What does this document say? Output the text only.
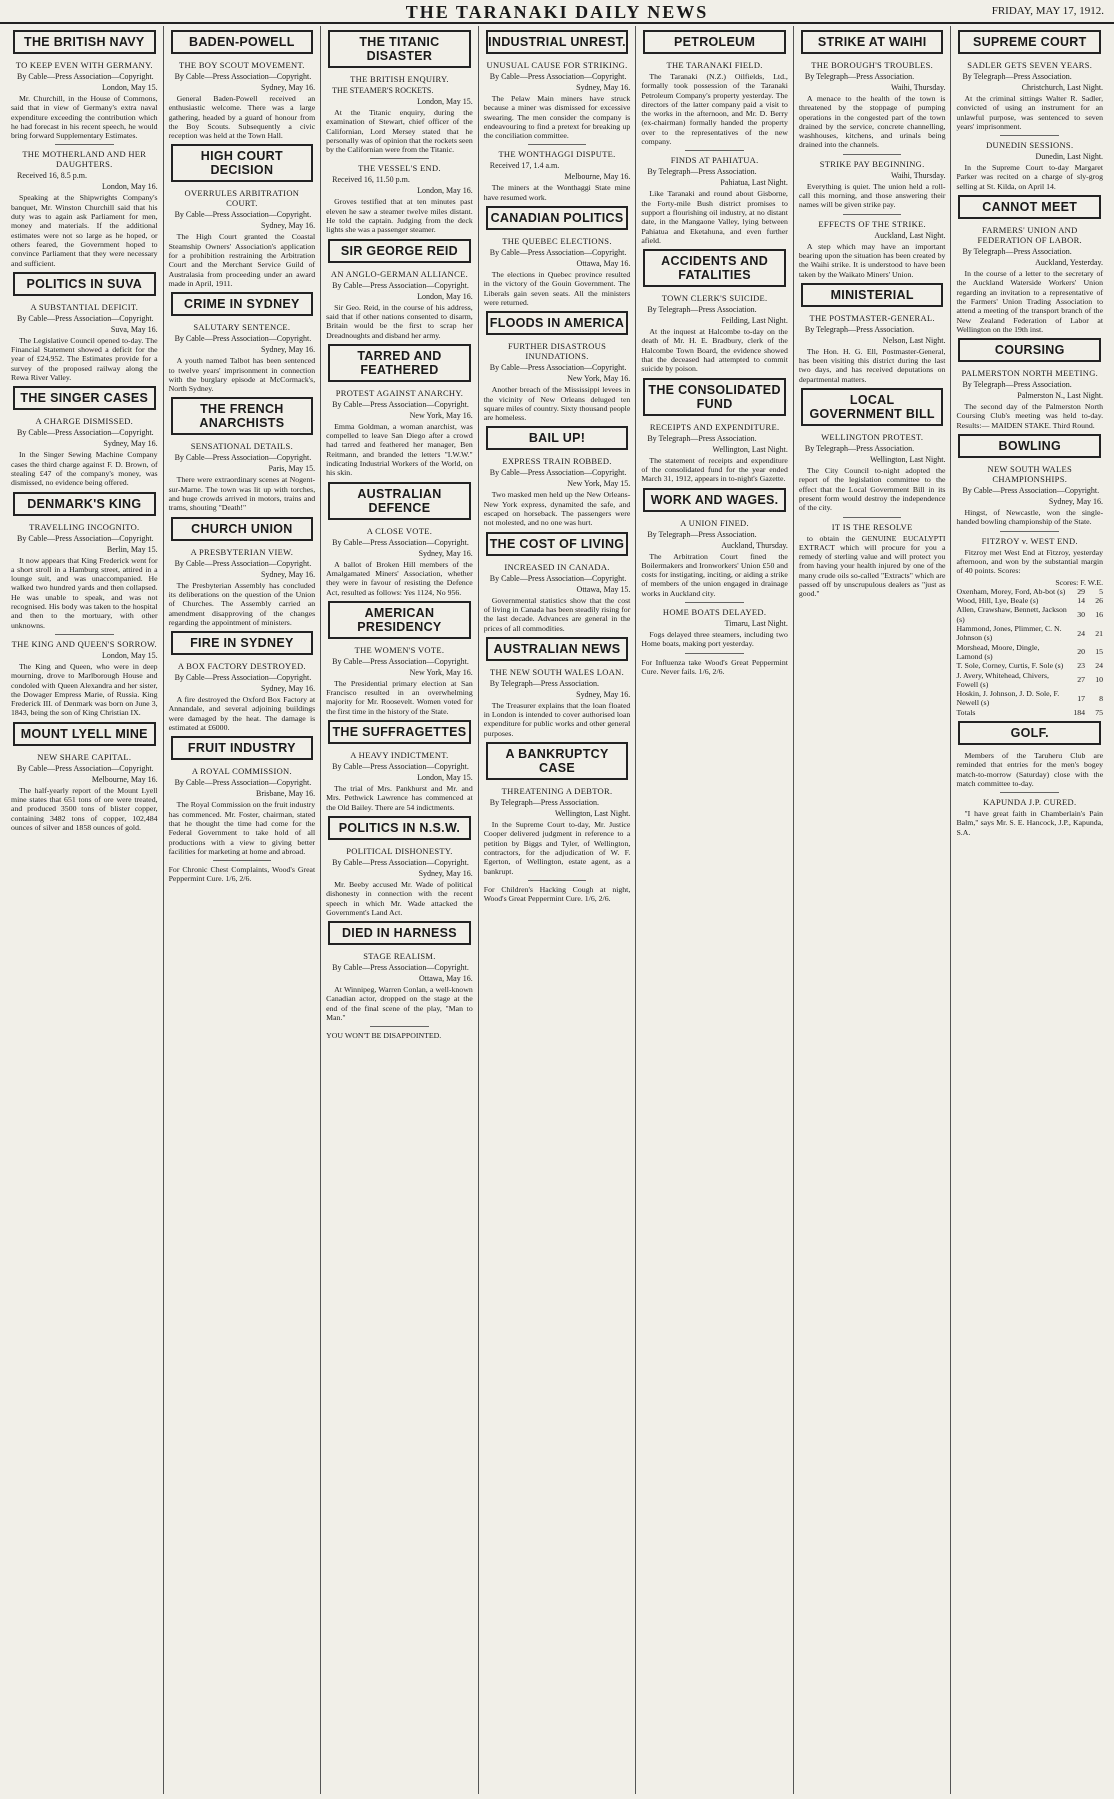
THE TARANAKI DAILY NEWS	FRIDAY, MAY 17, 1912.
THE BRITISH NAVY
TO KEEP EVEN WITH GERMANY.
By Cable—Press Association—Copyright.
London, May 15.
Mr. Churchill, in the House of Commons, said that in view of Germany's extra naval expenditure exceeding the contribution which he had forecast in his recent speech, he would bring forward Supplementary Estimates.
THE MOTHERLAND AND HER DAUGHTERS.
Received 16, 8.5 p.m.
London, May 16.
Speaking at the Shipwrights Company's banquet, Mr. Winston Churchill said that his duty was to again ask Parliament for men, money and materials. If the additional estimates were not so large as he hoped, or others feared, the Government hoped to convince Parliament that they were necessary and sufficient.
POLITICS IN SUVA
A SUBSTANTIAL DEFICIT.
By Cable—Press Association—Copyright.
Suva, May 16.
The Legislative Council opened to-day. The Financial Statement showed a deficit for the year of £24,952. The Estimates provide for a survey of the proposed railway along the Rewa River Valley.
THE SINGER CASES
A CHARGE DISMISSED.
By Cable—Press Association—Copyright.
Sydney, May 16.
In the Singer Sewing Machine Company cases the third charge against F. D. Brown, of stealing £47 of the company's money, was dismissed, no evidence being offered.
DENMARK'S KING
TRAVELLING INCOGNITO.
By Cable—Press Association—Copyright.
Berlin, May 15.
It now appears that King Frederick went for a short stroll in a Hamburg street, attired in a lounge suit, and was unaccompanied. He walked two hundred yards and then collapsed. He was unable to speak, and was not recognised. His body was taken to the hospital and then to the mortuary, with other unknowns.
THE KING AND QUEEN'S SORROW.
London, May 15.
The King and Queen, who were in deep mourning, drove to Marlborough House and condoled with Queen Alexandra and her sister, the Dowager Empress Marie, of Russia. King Frederick III. of Denmark was born on June 3, 1843, being the son of King Christian IX.
MOUNT LYELL MINE
NEW SHARE CAPITAL.
By Cable—Press Association—Copyright.
Melbourne, May 16.
The half-yearly report of the Mount Lyell mine states that 651 tons of ore were treated, and produced 3500 tons of blister copper, containing 3482 tons of copper, 102,484 ounces of silver and 1858 ounces of gold.
BADEN-POWELL
THE BOY SCOUT MOVEMENT.
By Cable—Press Association—Copyright.
Sydney, May 16.
General Baden-Powell received an enthusiastic welcome. There was a large gathering, headed by a guard of honour from the Boy Scouts. Subsequently a civic reception was held at the Town Hall.
HIGH COURT DECISION
OVERRULES ARBITRATION COURT.
By Cable—Press Association—Copyright.
Sydney, May 16.
The High Court granted the Coastal Steamship Owners' Association's application for a prohibition restraining the Arbitration Court and the Merchant Service Guild of Australasia from proceeding under an award made in April, 1911.
CRIME IN SYDNEY
SALUTARY SENTENCE.
By Cable—Press Association—Copyright.
Sydney, May 16.
A youth named Talbot has been sentenced to twelve years' imprisonment in connection with the burglary episode at McCormack's, North Sydney.
THE FRENCH ANARCHISTS
SENSATIONAL DETAILS.
By Cable—Press Association—Copyright.
Paris, May 15.
There were extraordinary scenes at Nogent-sur-Marne. The town was lit up with torches, and huge crowds arrived in motors, trains and trams, shouting "Death!"
CHURCH UNION
A PRESBYTERIAN VIEW.
By Cable—Press Association—Copyright.
Sydney, May 16.
The Presbyterian Assembly has concluded its deliberations on the question of the Union of Churches. The Assembly carried an amendment disapproving of the changes regarding the appointment of ministers.
FIRE IN SYDNEY
A BOX FACTORY DESTROYED.
By Cable—Press Association—Copyright.
Sydney, May 16.
A fire destroyed the Oxford Box Factory at Annandale, and several adjoining buildings were damaged by the heat. The damage is estimated at £6000.
FRUIT INDUSTRY
A ROYAL COMMISSION.
By Cable—Press Association—Copyright.
Brisbane, May 16.
The Royal Commission on the fruit industry has commenced. Mr. Foster, chairman, stated that he thought the time had come for the Federal Government to take hold of all productions with a view to giving better facilities for marketing at home and abroad.
For Chronic Chest Complaints, Wood's Great Peppermint Cure. 1/6, 2/6.
THE TITANIC DISASTER
THE BRITISH ENQUIRY.
THE STEAMER'S ROCKETS.
London, May 15.
At the Titanic enquiry, during the examination of Stewart, chief officer of the Californian, Lord Mersey stated that he personally was of opinion that the rockets seen by the Californian were from the Titanic.
THE VESSEL'S END.
Received 16, 11.50 p.m.
London, May 16.
Groves testified that at ten minutes past eleven he saw a steamer twelve miles distant. He told the captain. Judging from the deck lights she was a passenger steamer.
SIR GEORGE REID
AN ANGLO-GERMAN ALLIANCE.
By Cable—Press Association—Copyright.
London, May 16.
Sir Geo. Reid, in the course of his address, said that if other nations consented to disarm, Britain would be the first to scrap her Dreadnoughts and disband her army.
TARRED AND FEATHERED
PROTEST AGAINST ANARCHY.
By Cable—Press Association—Copyright.
New York, May 16.
Emma Goldman, a woman anarchist, was compelled to leave San Diego after a crowd had tarred and feathered her manager, Ben Reitmann, and branded the letters "I.W.W." indicating Industrial Workers of the World, on his skin.
AUSTRALIAN DEFENCE
A CLOSE VOTE.
By Cable—Press Association—Copyright.
Sydney, May 16.
A ballot of Broken Hill members of the Amalgamated Miners' Association, whether they were in favour of resisting the Defence Act, resulted as follows: Yes 1124, No 956.
AMERICAN PRESIDENCY
THE WOMEN'S VOTE.
By Cable—Press Association—Copyright.
New York, May 16.
The Presidential primary election at San Francisco resulted in an overwhelming majority for Mr. Roosevelt. Women voted for the first time in the history of the State.
THE SUFFRAGETTES
A HEAVY INDICTMENT.
By Cable—Press Association—Copyright.
London, May 15.
The trial of Mrs. Pankhurst and Mr. and Mrs. Pethwick Lawrence has commenced at the Old Bailey. There are 54 indictments.
POLITICS IN N.S.W.
POLITICAL DISHONESTY.
By Cable—Press Association—Copyright.
Sydney, May 16.
Mr. Beeby accused Mr. Wade of political dishonesty in connection with the recent speech in which Mr. Wade attacked the Government's Land Act.
DIED IN HARNESS
STAGE REALISM.
By Cable—Press Association—Copyright.
Ottawa, May 16.
At Winnipeg, Warren Conlan, a well-known Canadian actor, dropped on the stage at the end of the final scene of the play, "Man to Man."
YOU WON'T BE DISAPPOINTED.
INDUSTRIAL UNREST.
UNUSUAL CAUSE FOR STRIKING.
By Cable—Press Association—Copyright.
Sydney, May 16.
The Pelaw Main miners have struck because a miner was dismissed for excessive swearing. The men consider the company is endeavouring to find a pretext for breaking up the conciliation committee.
THE WONTHAGGI DISPUTE.
Received 17, 1.4 a.m.
Melbourne, May 16.
The miners at the Wonthaggi State mine have resumed work.
CANADIAN POLITICS
THE QUEBEC ELECTIONS.
By Cable—Press Association—Copyright.
Ottawa, May 16.
The elections in Quebec province resulted in the victory of the Gouin Government. The Liberals gain seven seats. All the ministers were returned.
FLOODS IN AMERICA
FURTHER DISASTROUS INUNDATIONS.
By Cable—Press Association—Copyright.
New York, May 16.
Another breach of the Mississippi levees in the vicinity of New Orleans deluged ten square miles of country. Sixty thousand people are homeless.
BAIL UP!
EXPRESS TRAIN ROBBED.
By Cable—Press Association—Copyright.
New York, May 15.
Two masked men held up the New Orleans-New York express, dynamited the safe, and escaped on horseback. The passengers were not molested, and no one was hurt.
THE COST OF LIVING
INCREASED IN CANADA.
By Cable—Press Association—Copyright.
Ottawa, May 15.
Governmental statistics show that the cost of living in Canada has been steadily rising for the last decade. Advances are general in the prices of all commodities.
AUSTRALIAN NEWS
THE NEW SOUTH WALES LOAN.
By Telegraph—Press Association.
Sydney, May 16.
The Treasurer explains that the loan floated in London is intended to cover authorised loan expenditure for public works and other general purposes.
A BANKRUPTCY CASE
THREATENING A DEBTOR.
By Telegraph—Press Association.
Wellington, Last Night.
In the Supreme Court to-day, Mr. Justice Cooper delivered judgment in reference to a petition by Biggs and Tyler, of Wellington, contractors, for the adjudication of W. F. Egerton, of Wellington, estate agent, as a bankrupt.
For Children's Hacking Cough at night, Wood's Great Peppermint Cure. 1/6, 2/6.
PETROLEUM
THE TARANAKI FIELD.
The Taranaki (N.Z.) Oilfields, Ltd., formally took possession of the Taranaki Petroleum Company's property yesterday. The directors of the latter company paid a visit to the works in the afternoon, and Mr. D. Berry (ex-chairman) formally handed the property over to the representatives of the new company.
FINDS AT PAHIATUA.
By Telegraph—Press Association.
Pahiatua, Last Night.
Like Taranaki and round about Gisborne, the Forty-mile Bush district promises to support a flourishing oil industry, at no distant date, in the Mangaone Valley, lying between Pahiatua and Eketahuna, and even further afield.
ACCIDENTS AND FATALITIES
TOWN CLERK'S SUICIDE.
By Telegraph—Press Association.
Feilding, Last Night.
At the inquest at Halcombe to-day on the death of Mr. H. E. Bradbury, clerk of the Halcombe Town Board, the evidence showed that the deceased had attempted to commit suicide by poison.
THE CONSOLIDATED FUND
RECEIPTS AND EXPENDITURE.
By Telegraph—Press Association.
Wellington, Last Night.
The statement of receipts and expenditure of the consolidated fund for the year ended March 31, 1912, appears in to-night's Gazette.
WORK AND WAGES.
A UNION FINED.
By Telegraph—Press Association.
Auckland, Thursday.
The Arbitration Court fined the Boilermakers and Ironworkers' Union £50 and costs for instigating, inciting, or aiding a strike of members of the union engaged in drainage works in Auckland city.
HOME BOATS DELAYED.
Timaru, Last Night.
Fogs delayed three steamers, including two Home boats, making port yesterday.
For Influenza take Wood's Great Peppermint Cure. Never fails. 1/6, 2/6.
STRIKE AT WAIHI
THE BOROUGH'S TROUBLES.
By Telegraph—Press Association.
Waihi, Thursday.
A menace to the health of the town is threatened by the stoppage of pumping operations in the congested part of the town drained by the service, concrete channelling, washhouses, kitchens, and urinals being drained into the channels.
STRIKE PAY BEGINNING.
Waihi, Thursday.
Everything is quiet. The union held a roll-call this morning, and those answering their names will be given strike pay.
EFFECTS OF THE STRIKE.
Auckland, Last Night.
A step which may have an important bearing upon the situation has been created by the Waihi strike. It is understood to have been taken by the Waikato Miners' Union.
MINISTERIAL
THE POSTMASTER-GENERAL.
By Telegraph—Press Association.
Nelson, Last Night.
The Hon. H. G. Ell, Postmaster-General, has been visiting this district during the last two days, and has received deputations on departmental matters.
LOCAL GOVERNMENT BILL
WELLINGTON PROTEST.
By Telegraph—Press Association.
Wellington, Last Night.
The City Council to-night adopted the report of the legislation committee to the effect that the Local Government Bill in its present form would destroy the independence of the city.
IT IS THE RESOLVE
to obtain the GENUINE EUCALYPTI EXTRACT which will procure for you a remedy of sterling value and will protect you from having your health injured by one of the many crude oils so-called "Extracts" which are passed off by unscrupulous dealers as "just as good."
SUPREME COURT
SADLER GETS SEVEN YEARS.
By Telegraph—Press Association.
Christchurch, Last Night.
At the criminal sittings Walter R. Sadler, convicted of using an instrument for an unlawful purpose, was sentenced to seven years' imprisonment.
DUNEDIN SESSIONS.
Dunedin, Last Night.
In the Supreme Court to-day Margaret Parker was recited on a charge of sly-grog selling at St. Kilda, on April 14.
CANNOT MEET
FARMERS' UNION AND FEDERATION OF LABOR.
By Telegraph—Press Association.
Auckland, Yesterday.
In the course of a letter to the secretary of the Auckland Waterside Workers' Union regarding an invitation to a representative of the Farmers' Union Trading Association to attend a meeting of the transport branch of the New Zealand Federation of Labor at Wellington on the 19th inst.
COURSING
PALMERSTON NORTH MEETING.
By Telegraph—Press Association.
Palmerston N., Last Night.
The second day of the Palmerston North Coursing Club's meeting was held to-day. Results:— MAIDEN STAKE. Third Round.
BOWLING
NEW SOUTH WALES CHAMPIONSHIPS.
By Cable—Press Association—Copyright.
Sydney, May 16.
Hingst, of Newcastle, won the single-handed bowling championship of the State.
FITZROY v. WEST END.
Fitzroy met West End at Fitzroy, yesterday afternoon, and won by the substantial margin of 40 points. Scores:
Scores: F. W.E.		
Oxenham, Morey, Ford, Ab-bot (s)	29	5
Wood, Hill, Lye, Beale (s)	14	26
Allen, Crawshaw, Bennett, Jackson (s)	30	16
Hammond, Jones, Plimmer, C. N. Johnson (s)	24	21
Morshead, Moore, Dingle, Lamond (s)	20	15
T. Sole, Corney, Curtis, F. Sole (s)	23	24
J. Avery, Whitehead, Chivers, Fowell (s)	27	10
Hoskin, J. Johnson, J. D. Sole, F. Newell (s)	17	8
Totals	184	75
GOLF.
Members of the Taruheru Club are reminded that entries for the men's bogey match-to-morrow (Saturday) close with the match committee to-day.
KAPUNDA J.P. CURED.
"I have great faith in Chamberlain's Pain Balm," says Mr. S. E. Hancock, J.P., Kapunda, S.A.
